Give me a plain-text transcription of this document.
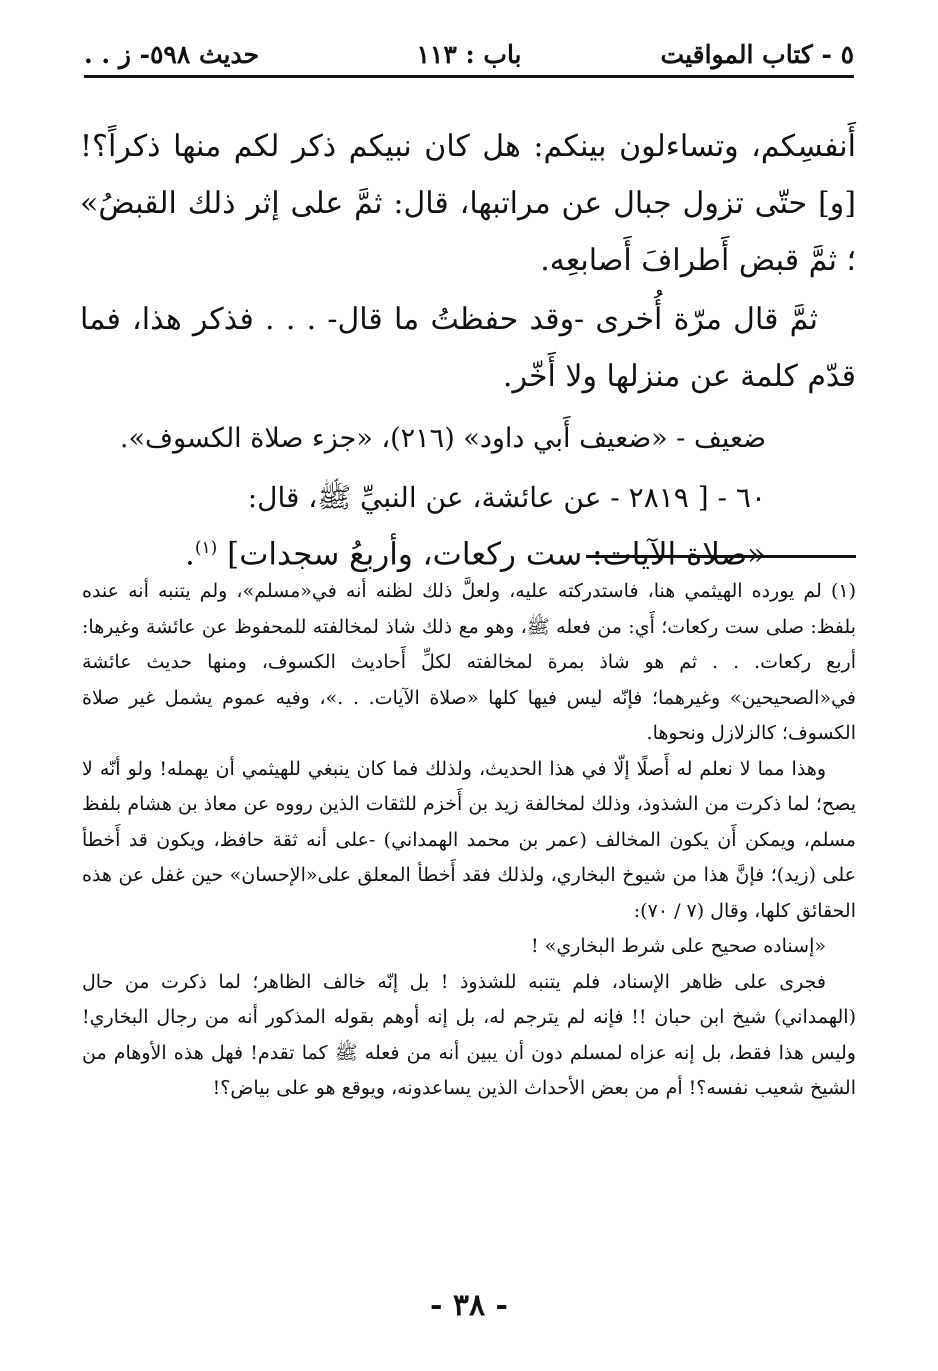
٥ - كتاب المواقيت
باب : ١١٣
حديث ٥٩٨- ز . .

أَنفسِكم، وتساءلون بينكم: هل كان نبيكم ذكر لكم منها ذكراً؟! [و] حتّى تزول جبال عن مراتبها، قال: ثمَّ على إثر ذلك القبضُ» ؛ ثمَّ قبض أَطرافَ أَصابعِه.

ثمَّ قال مرّة أُخرى -وقد حفظتُ ما قال- . . . فذكر هذا، فما قدّم كلمة عن منزلها ولا أَخّر.

ضعيف - «ضعيف أَبي داود» (٢١٦)، «جزء صلاة الكسوف».

٦٠ - [ ٢٨١٩ - عن عائشة، عن النبيِّ ﷺ، قال:

«صلاة الآيات: ست ركعات، وأربعُ سجدات] $^{(١)}$.

(١) لم يورده الهيثمي هنا، فاستدركته عليه، ولعلَّ ذلك لظنه أنه في«مسلم»، ولم يتنبه أنه عنده بلفظ: صلى ست ركعات؛ أَي: من فعله ﷺ، وهو مع ذلك شاذ لمخالفته للمحفوظ عن عائشة وغيرها: أربع ركعات. . . ثم هو شاذ بمرة لمخالفته لكلِّ أَحاديث الكسوف، ومنها حديث عائشة في«الصحيحين» وغيرهما؛ فإنّه ليس فيها كلها «صلاة الآيات. . .»، وفيه عموم يشمل غير صلاة الكسوف؛ كالزلازل ونحوها.

وهذا مما لا نعلم له أَصلًا إلّا في هذا الحديث، ولذلك فما كان ينبغي للهيثمي أن يهمله! ولو أنّه لا يصح؛ لما ذكرت من الشذوذ، وذلك لمخالفة زيد بن أَخزم للثقات الذين رووه عن معاذ بن هشام بلفظ مسلم، ويمكن أَن يكون المخالف (عمر بن محمد الهمداني) -على أنه ثقة حافظ، ويكون قد أَخطأ على (زيد)؛ فإنَّ هذا من شيوخ البخاري، ولذلك فقد أَخطأ المعلق على«الإحسان» حين غفل عن هذه الحقائق كلها، وقال (٧ / ٧٠):

«إسناده صحيح على شرط البخاري» !

فجرى على ظاهر الإسناد، فلم يتنبه للشذوذ ! بل إنّه خالف الظاهر؛ لما ذكرت من حال (الهمداني) شيخ ابن حبان !! فإنه لم يترجم له، بل إنه أوهم بقوله المذكور أنه من رجال البخاري! وليس هذا فقط، بل إنه عزاه لمسلم دون أن يبين أنه من فعله ﷺ كما تقدم! فهل هذه الأوهام من الشيخ شعيب نفسه؟! أم من بعض الأحداث الذين يساعدونه، ويوقع هو على بياض؟!

- ٣٨ -
